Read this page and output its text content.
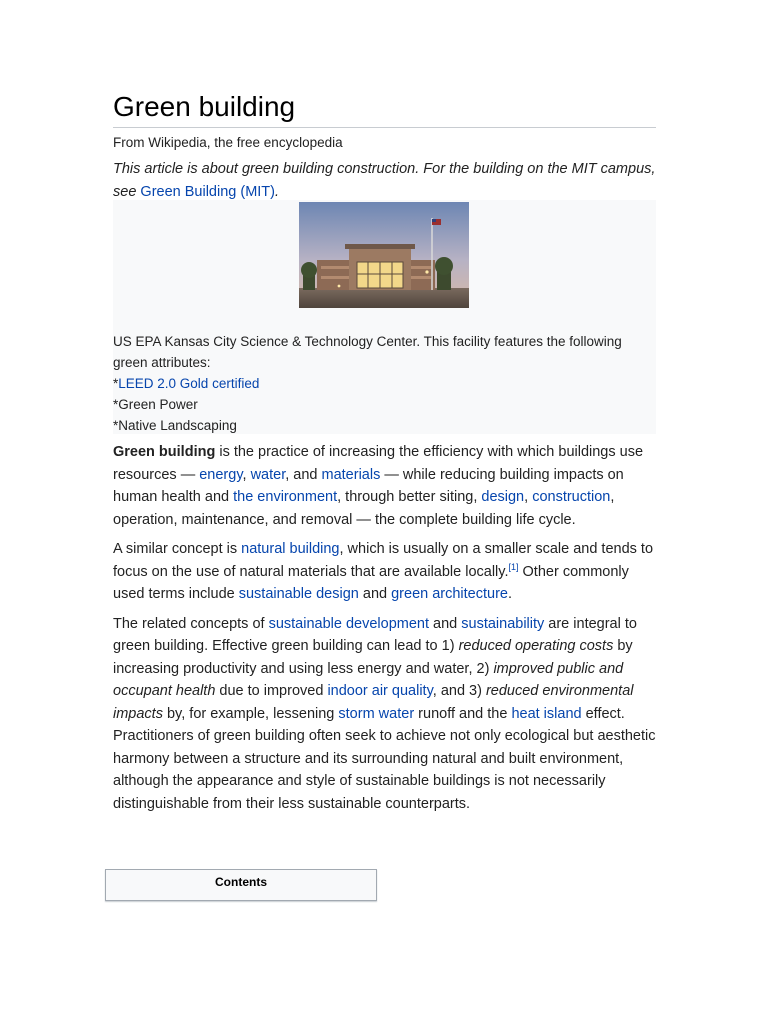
Green building
From Wikipedia, the free encyclopedia
This article is about green building construction. For the building on the MIT campus, see Green Building (MIT).
US EPA Kansas City Science & Technology Center. This facility features the following green attributes:
*LEED 2.0 Gold certified
*Green Power
*Native Landscaping

Green building is the practice of increasing the efficiency with which buildings use resources — energy, water, and materials — while reducing building impacts on human health and the environment, through better siting, design, construction, operation, maintenance, and removal — the complete building life cycle.

A similar concept is natural building, which is usually on a smaller scale and tends to focus on the use of natural materials that are available locally.[1] Other commonly used terms include sustainable design and green architecture.

The related concepts of sustainable development and sustainability are integral to green building. Effective green building can lead to 1) reduced operating costs by increasing productivity and using less energy and water, 2) improved public and occupant health due to improved indoor air quality, and 3) reduced environmental impacts by, for example, lessening storm water runoff and the heat island effect. Practitioners of green building often seek to achieve not only ecological but aesthetic harmony between a structure and its surrounding natural and built environment, although the appearance and style of sustainable buildings is not necessarily distinguishable from their less sustainable counterparts.

Contents
